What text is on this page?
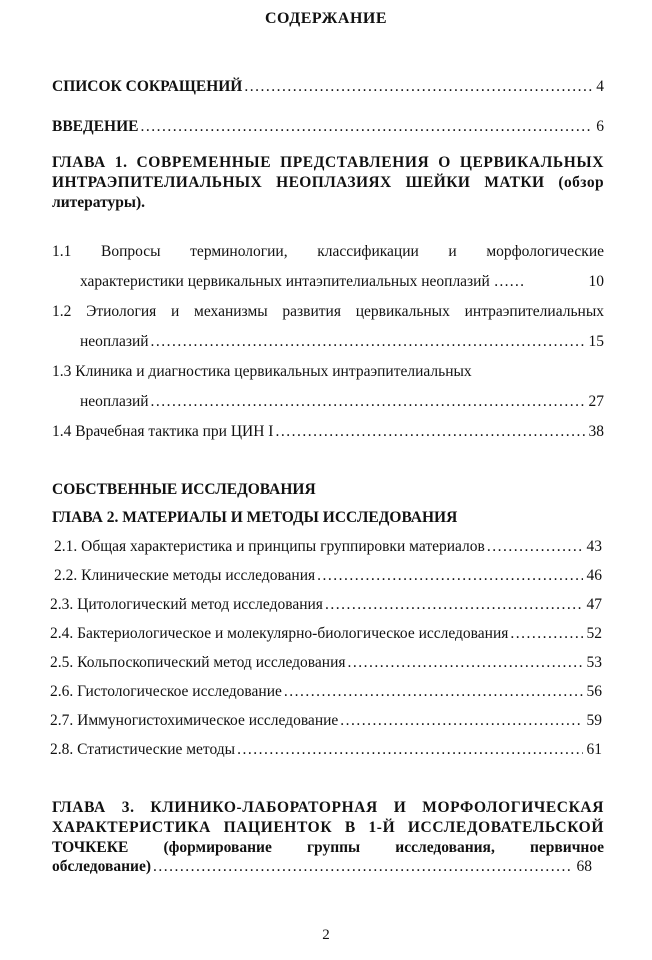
СОДЕРЖАНИЕ
СПИСОК СОКРАЩЕНИЙ .....	4
ВВЕДЕНИЕ .....	6
ГЛАВА 1. СОВРЕМЕННЫЕ ПРЕДСТАВЛЕНИЯ О ЦЕРВИКАЛЬНЫХ
ИНТРАЭПИТЕЛИАЛЬНЫХ НЕОПЛАЗИЯХ ШЕЙКИ МАТКИ (обзор
литературы).
1.1 Вопросы терминологии, классификации и морфологические
характеристики цервикальных интаэпителиальных неоплазий ……	10
1.2 Этиология и механизмы развития цервикальных интраэпителиальных
неоплазий .....	15
1.3 Клиника и диагностика цервикальных интраэпителиальных
неоплазий .....	27
1.4 Врачебная тактика при ЦИН I .....	38
СОБСТВЕННЫЕ ИССЛЕДОВАНИЯ
ГЛАВА 2. МАТЕРИАЛЫ И МЕТОДЫ ИССЛЕДОВАНИЯ
2.1. Общая характеристика и принципы группировки материалов .....	43
2.2. Клинические методы исследования .....	46
2.3. Цитологический метод исследования .....	47
2.4. Бактериологическое и молекулярно-биологическое исследования .....	52
2.5. Кольпоскопический метод исследования .....	53
2.6. Гистологическое исследование .....	56
2.7. Иммуногистохимическое исследование .....	59
2.8. Статистические методы .....	61
ГЛАВА 3. КЛИНИКО-ЛАБОРАТОРНАЯ И МОРФОЛОГИЧЕСКАЯ
ХАРАКТЕРИСТИКА ПАЦИЕНТОК В 1-Й ИССЛЕДОВАТЕЛЬСКОЙ
ТОЧКЕКЕ (формирование группы исследования, первичное
обследование) .....	68
2
